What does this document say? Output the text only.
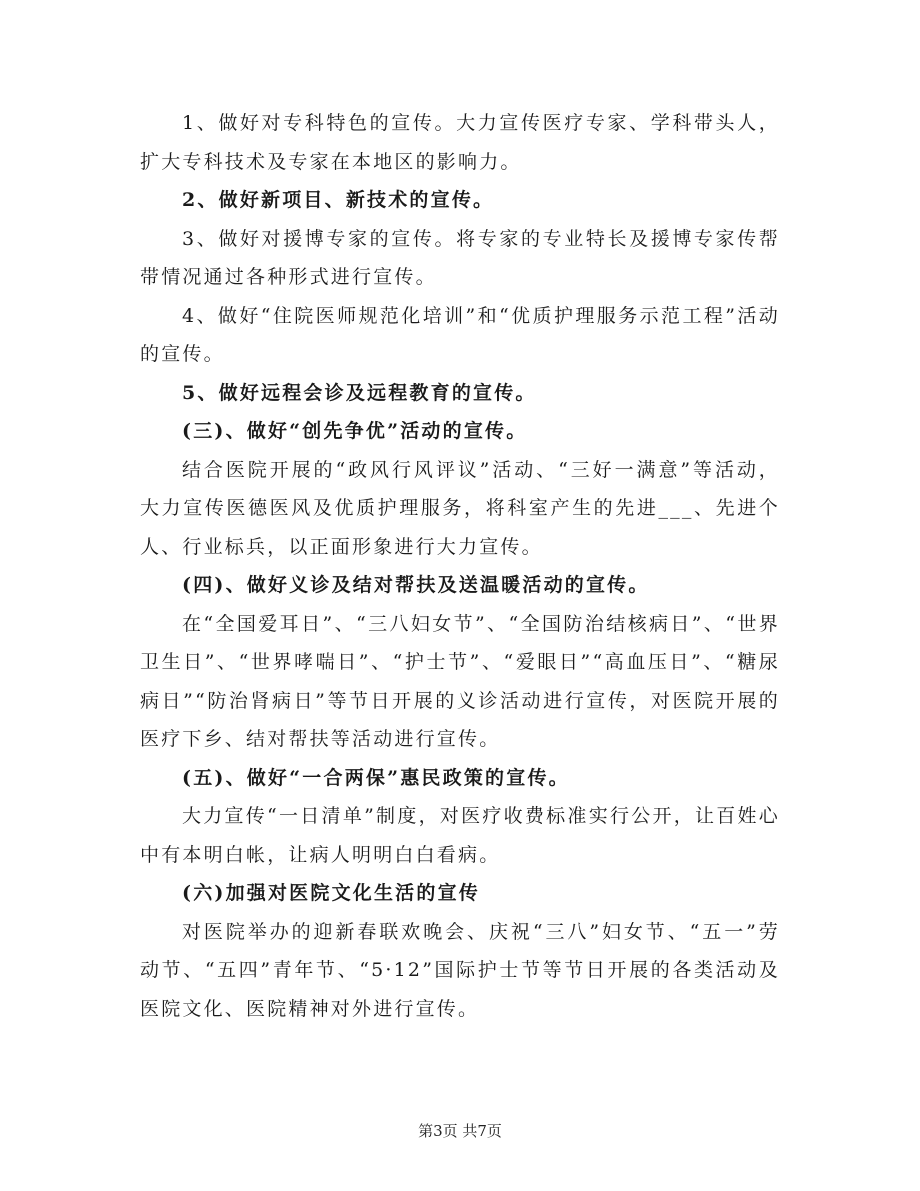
1、做好对专科特色的宣传。大力宣传医疗专家、学科带头人，扩大专科技术及专家在本地区的影响力。

2、做好新项目、新技术的宣传。

3、做好对援博专家的宣传。将专家的专业特长及援博专家传帮带情况通过各种形式进行宣传。

4、做好“住院医师规范化培训”和“优质护理服务示范工程”活动的宣传。

5、做好远程会诊及远程教育的宣传。

(三)、做好“创先争优”活动的宣传。

结合医院开展的“政风行风评议”活动、“三好一满意”等活动，大力宣传医德医风及优质护理服务，将科室产生的先进___、先进个人、行业标兵，以正面形象进行大力宣传。

(四)、做好义诊及结对帮扶及送温暖活动的宣传。

在“全国爱耳日”、“三八妇女节”、“全国防治结核病日”、“世界卫生日”、“世界哮喘日”、“护士节”、“爱眼日”“高血压日”、“糖尿病日”“防治肾病日”等节日开展的义诊活动进行宣传，对医院开展的医疗下乡、结对帮扶等活动进行宣传。

(五)、做好“一合两保”惠民政策的宣传。

大力宣传“一日清单”制度，对医疗收费标准实行公开，让百姓心中有本明白帐，让病人明明白白看病。

(六)加强对医院文化生活的宣传

对医院举办的迎新春联欢晚会、庆祝“三八”妇女节、“五一”劳动节、“五四”青年节、“5·12”国际护士节等节日开展的各类活动及医院文化、医院精神对外进行宣传。

第3页 共7页
